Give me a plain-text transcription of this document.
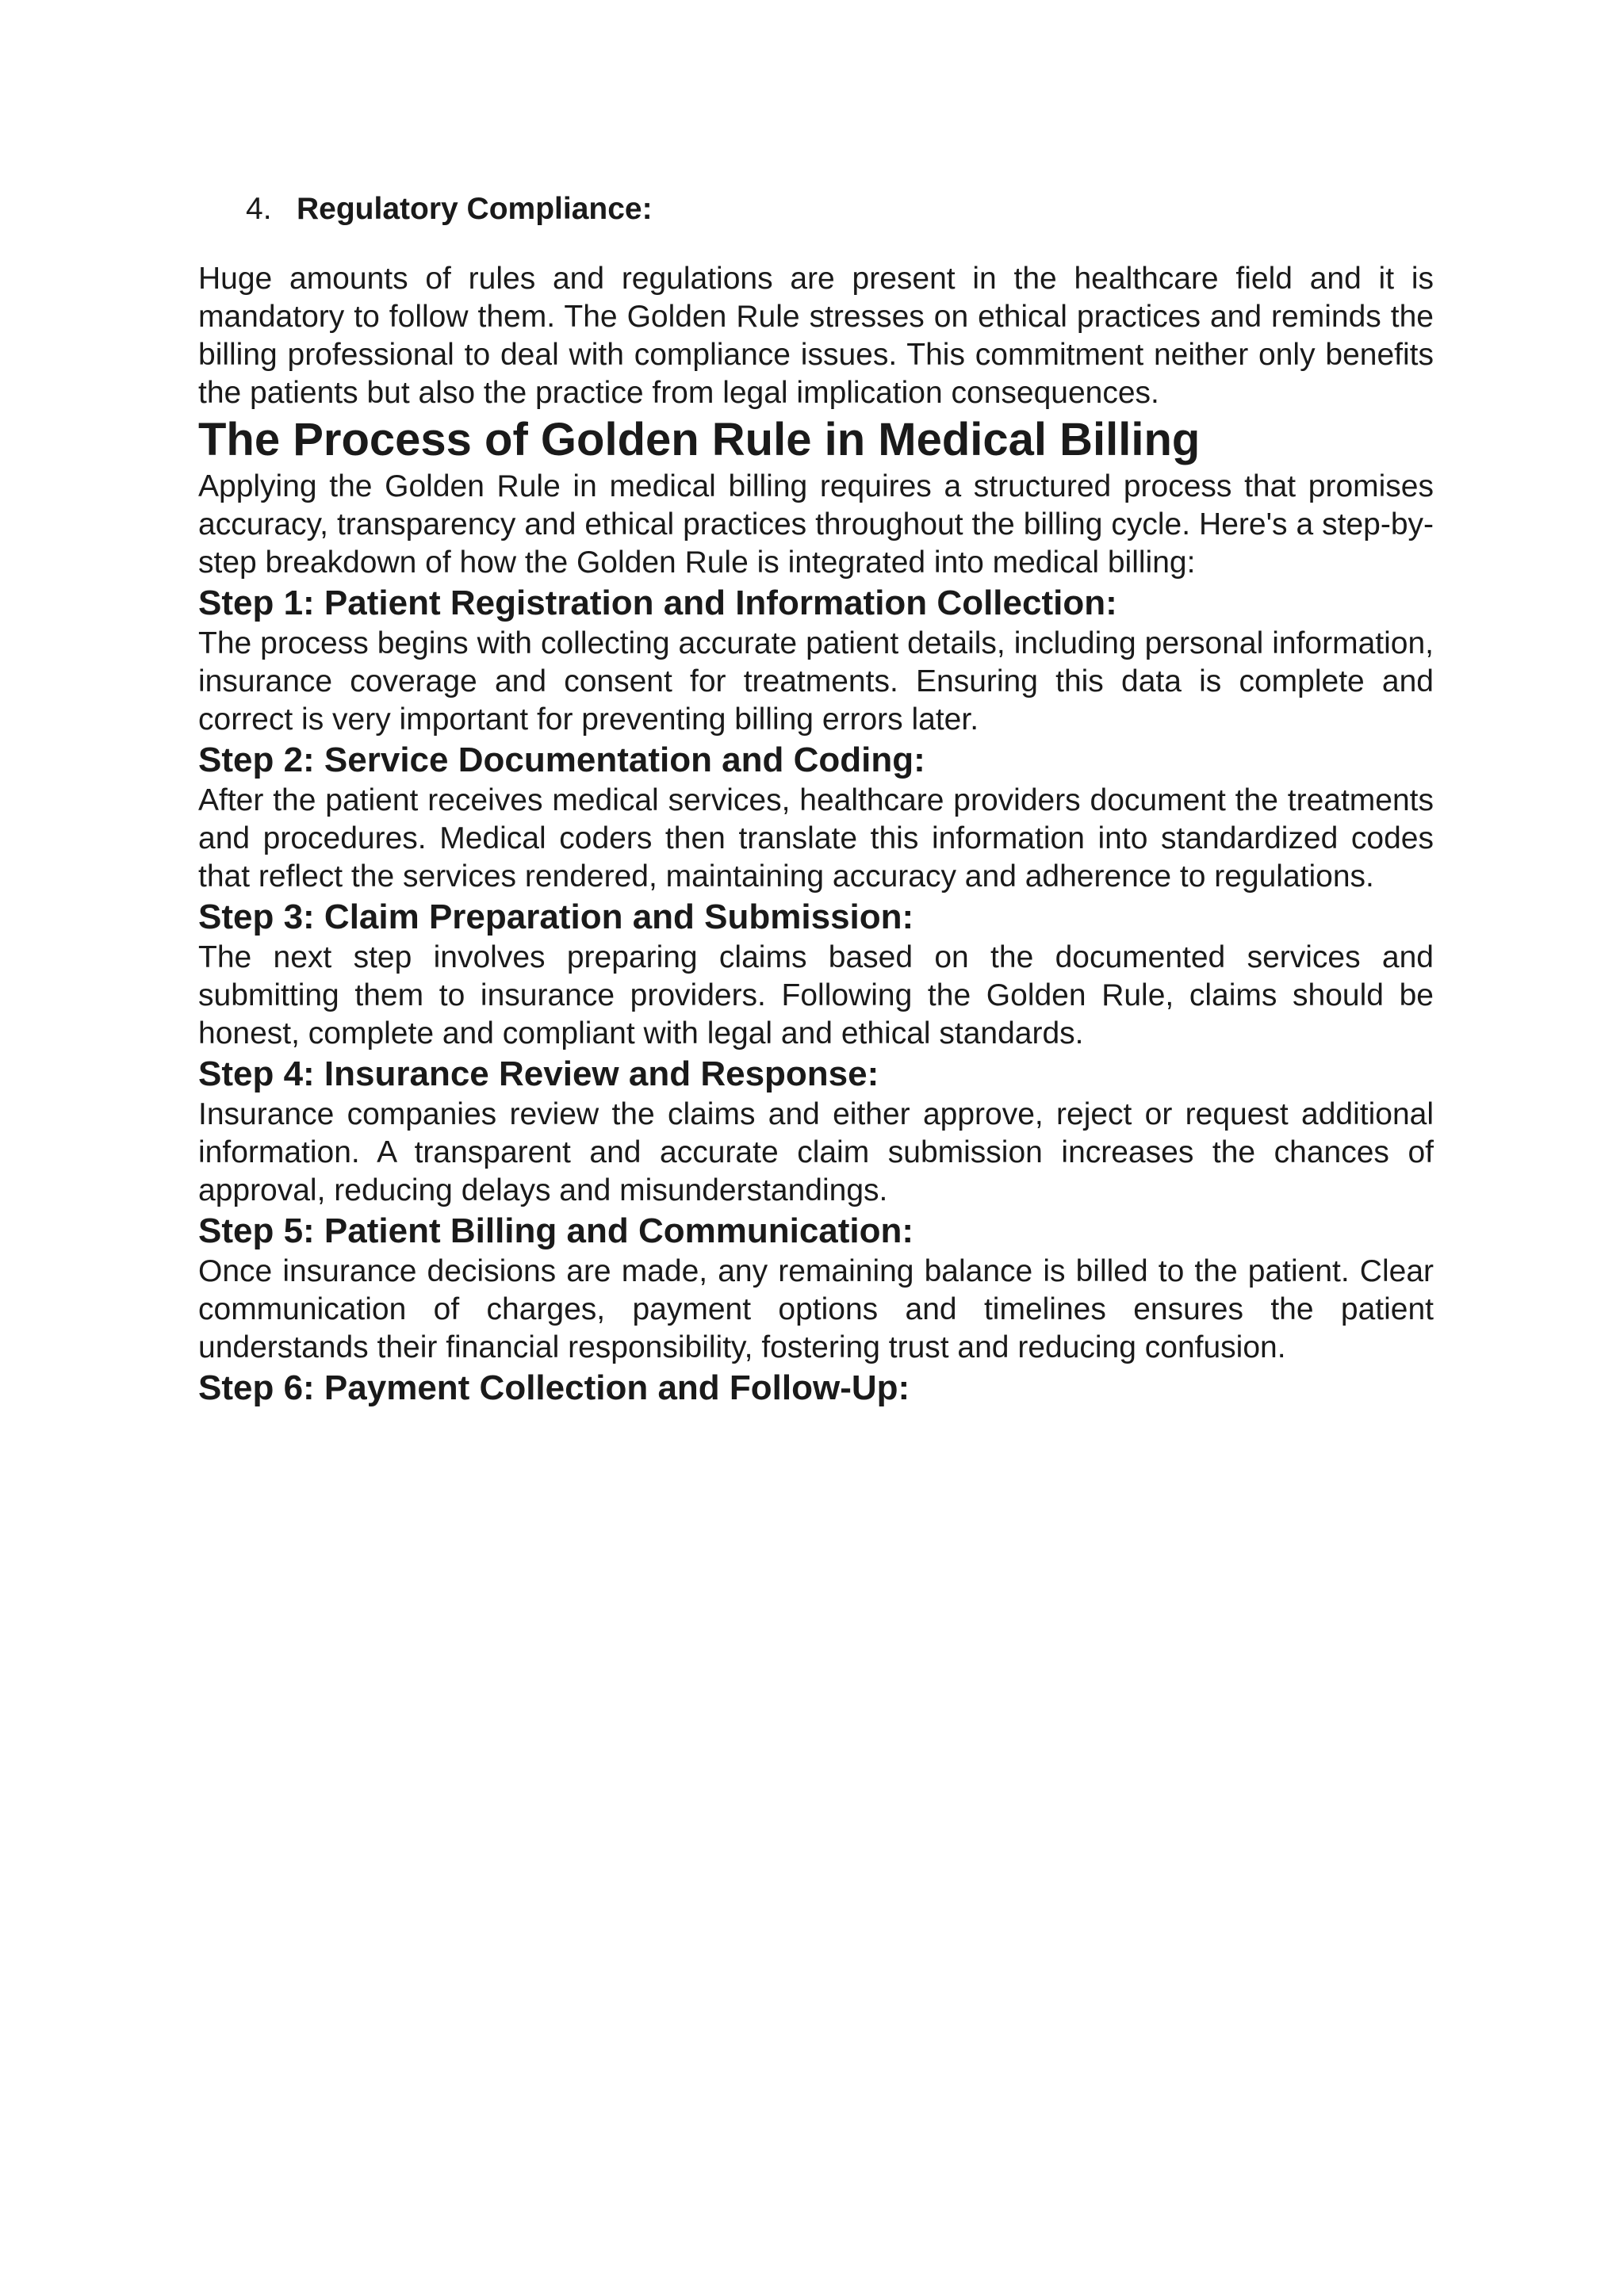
4. Regulatory Compliance:

Huge amounts of rules and regulations are present in the healthcare field and it is mandatory to follow them. The Golden Rule stresses on ethical practices and reminds the billing professional to deal with compliance issues. This commitment neither only benefits the patients but also the practice from legal implication consequences.

The Process of Golden Rule in Medical Billing

Applying the Golden Rule in medical billing requires a structured process that promises accuracy, transparency and ethical practices throughout the billing cycle. Here's a step-by-step breakdown of how the Golden Rule is integrated into medical billing:

Step 1: Patient Registration and Information Collection:

The process begins with collecting accurate patient details, including personal information, insurance coverage and consent for treatments. Ensuring this data is complete and correct is very important for preventing billing errors later.

Step 2: Service Documentation and Coding:

After the patient receives medical services, healthcare providers document the treatments and procedures. Medical coders then translate this information into standardized codes that reflect the services rendered, maintaining accuracy and adherence to regulations.

Step 3: Claim Preparation and Submission:

The next step involves preparing claims based on the documented services and submitting them to insurance providers. Following the Golden Rule, claims should be honest, complete and compliant with legal and ethical standards.

Step 4: Insurance Review and Response:

Insurance companies review the claims and either approve, reject or request additional information. A transparent and accurate claim submission increases the chances of approval, reducing delays and misunderstandings.

Step 5: Patient Billing and Communication:

Once insurance decisions are made, any remaining balance is billed to the patient. Clear communication of charges, payment options and timelines ensures the patient understands their financial responsibility, fostering trust and reducing confusion.

Step 6: Payment Collection and Follow-Up:
